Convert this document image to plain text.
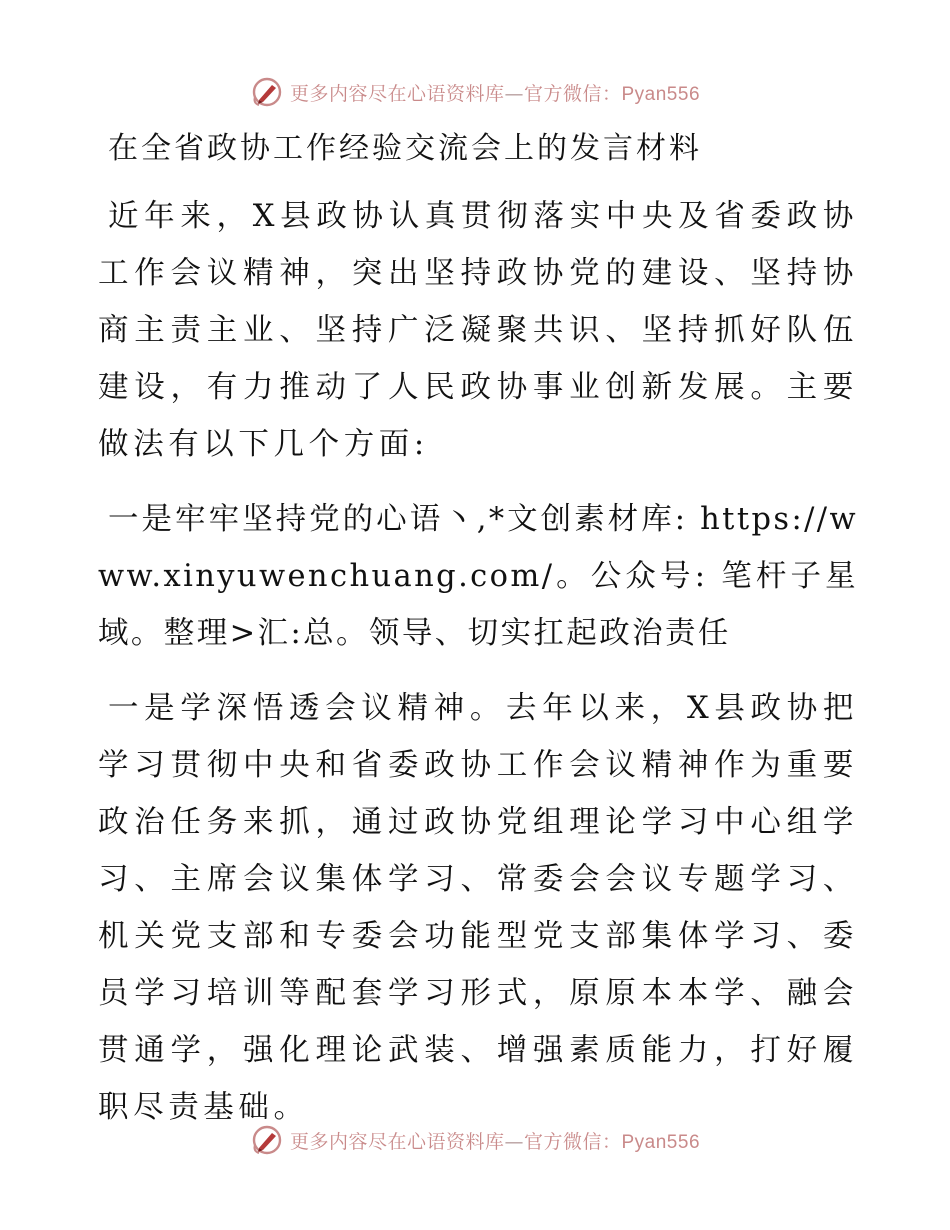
更多内容尽在心语资料库—官方微信：Pyan556
在全省政协工作经验交流会上的发言材料

近年来，X县政协认真贯彻落实中央及省委政协工作会议精神，突出坚持政协党的建设、坚持协商主责主业、坚持广泛凝聚共识、坚持抓好队伍建设，有力推动了人民政协事业创新发展。主要做法有以下几个方面:

一是牢牢坚持党的心语丶,*文创素材库: https://www.xinyuwenchuang.com/。公众号: 笔杆子星域。整理>汇:总。领导、切实扛起政治责任

一是学深悟透会议精神。去年以来，X县政协把学习贯彻中央和省委政协工作会议精神作为重要政治任务来抓，通过政协党组理论学习中心组学习、主席会议集体学习、常委会会议专题学习、机关党支部和专委会功能型党支部集体学习、委员学习培训等配套学习形式，原原本本学、融会贯通学，强化理论武装、增强素质能力，打好履职尽责基础。

更多内容尽在心语资料库—官方微信：Pyan556
